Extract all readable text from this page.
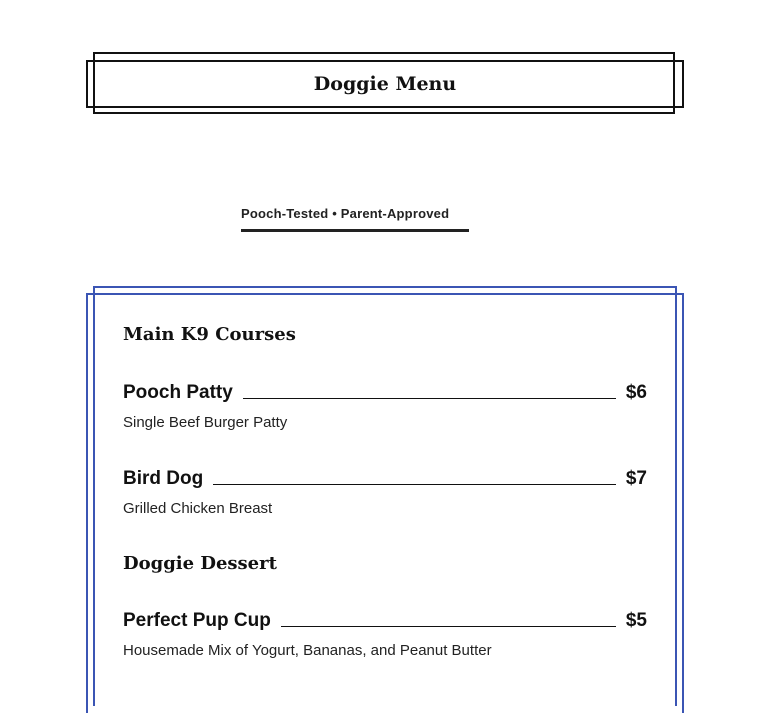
Doggie Menu
Pooch-Tested • Parent-Approved
Main K9 Courses
Pooch Patty	$6
Single Beef Burger Patty
Bird Dog	$7
Grilled Chicken Breast
Doggie Dessert
Perfect Pup Cup	$5
Housemade Mix of Yogurt, Bananas, and Peanut Butter
